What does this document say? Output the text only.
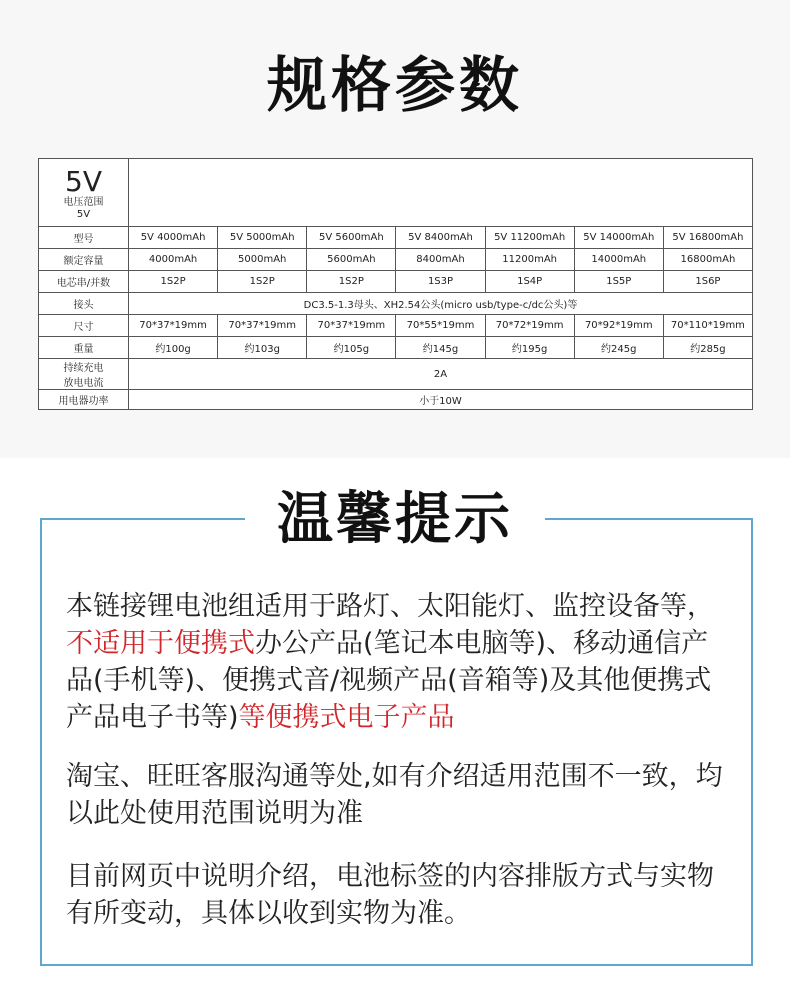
规格参数
5V
电压范围
5V							

型号	5V 4000mAh	5V 5000mAh	5V 5600mAh	5V 8400mAh	5V 11200mAh	5V 14000mAh	5V 16800mAh
额定容量	4000mAh	5000mAh	5600mAh	8400mAh	11200mAh	14000mAh	16800mAh
电芯串/并数	1S2P	1S2P	1S2P	1S3P	1S4P	1S5P	1S6P
接头	DC3.5-1.3母头、XH2.54公头(micro usb/type-c/dc公头)等						
尺寸	70*37*19mm	70*37*19mm	70*37*19mm	70*55*19mm	70*72*19mm	70*92*19mm	70*110*19mm
重量	约100g	约103g	约105g	约145g	约195g	约245g	约285g

持续充电
放电电流	2A						
用电器功率	小于10W						
温馨提示
本链接锂电池组适用于路灯、太阳能灯、监控设备等，不适用于便携式办公产品(笔记本电脑等)、移动通信产品(手机等)、便携式音/视频产品(音箱等)及其他便携式产品电子书等)等便携式电子产品
淘宝、旺旺客服沟通等处,如有介绍适用范围不一致，均以此处使用范围说明为准
目前网页中说明介绍，电池标签的内容排版方式与实物有所变动，具体以收到实物为准。
